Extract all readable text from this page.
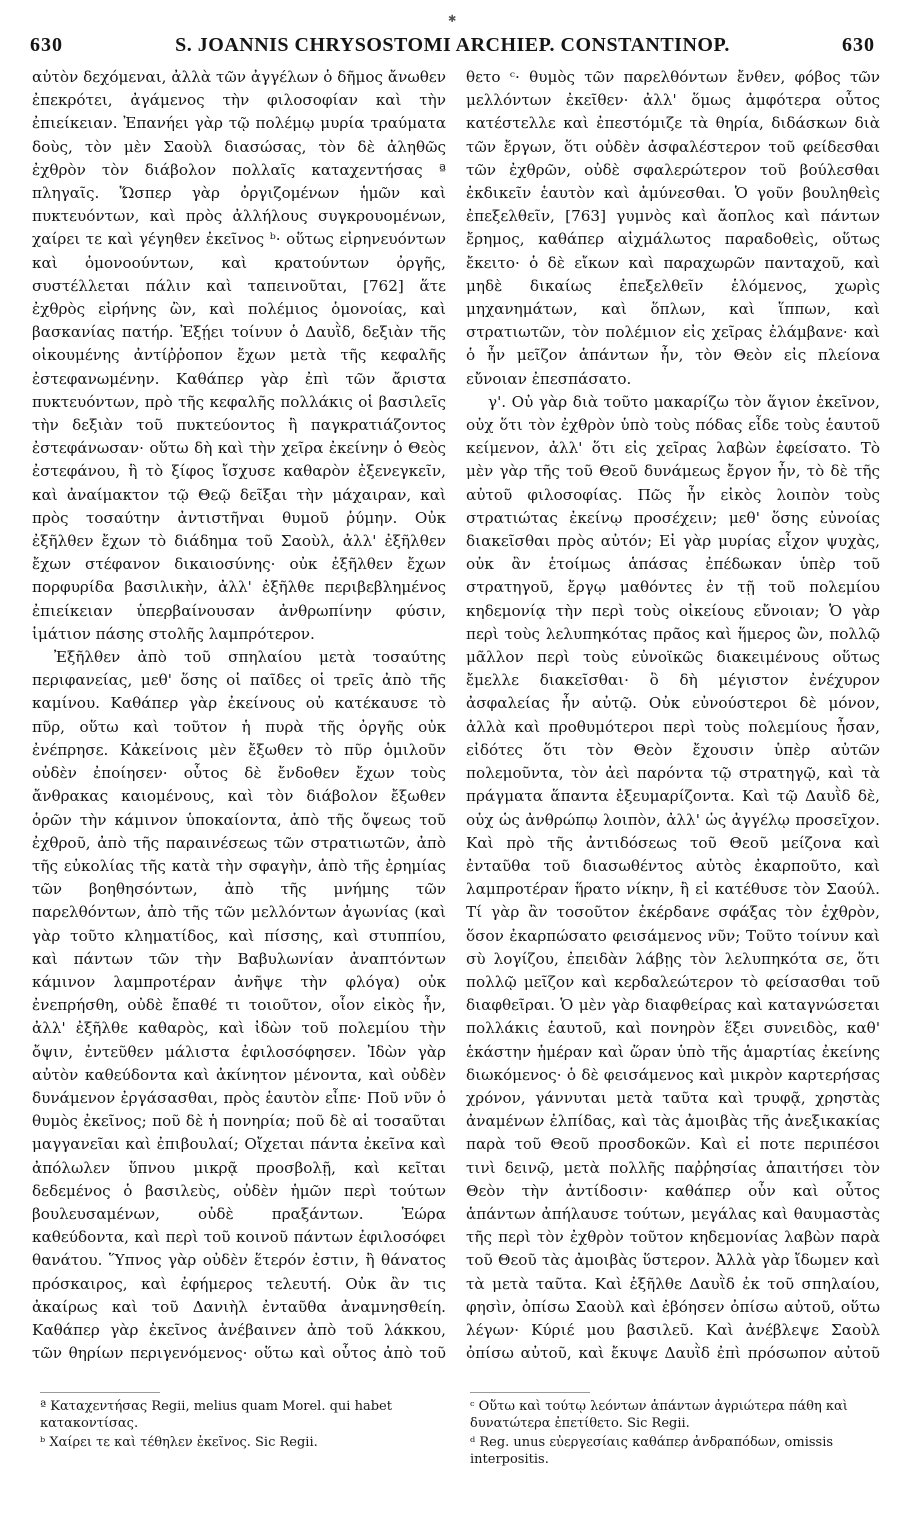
✱
630	S. JOANNIS CHRYSOSTOMI ARCHIEP. CONSTANTINOP.	630

αὐτὸν δεχόμεναι, ἀλλὰ τῶν ἀγγέλων ὁ δῆμος ἄνωθεν ἐπεκρότει, ἀγάμενος τὴν φιλοσοφίαν καὶ τὴν ἐπιείκειαν. Ἐπανήει γὰρ τῷ πολέμῳ μυρία τραύματα δοὺς, τὸν μὲν Σαοὺλ διασώσας, τὸν δὲ ἀληθῶς ἐχθρὸν τὸν διάβολον πολλαῖς καταχεντήσας ª πληγαῖς. Ὥσπερ γὰρ ὀργιζομένων ἡμῶν καὶ πυκτευόντων, καὶ πρὸς ἀλλήλους συγκρουομένων, χαίρει τε καὶ γέγηθεν ἐκεῖνος ᵇ· οὕτως εἰρηνευόντων καὶ ὁμονοούντων, καὶ κρατούντων ὀργῆς, συστέλλεται πάλιν καὶ ταπεινοῦται, [762] ἅτε ἐχθρὸς εἰρήνης ὢν, καὶ πολέμιος ὁμονοίας, καὶ βασκανίας πατήρ. Ἐξῄει τοίνυν ὁ Δαυῒδ, δεξιὰν τῆς οἰκουμένης ἀντίῤῥοπον ἔχων μετὰ τῆς κεφαλῆς ἐστεφανωμένην. Καθάπερ γὰρ ἐπὶ τῶν ἄριστα πυκτευόντων, πρὸ τῆς κεφαλῆς πολλάκις οἱ βασιλεῖς τὴν δεξιὰν τοῦ πυκτεύοντος ἢ παγκρατιάζοντος ἐστεφάνωσαν· οὕτω δὴ καὶ τὴν χεῖρα ἐκείνην ὁ Θεὸς ἐστεφάνου, ἣ τὸ ξίφος ἴσχυσε καθαρὸν ἐξενεγκεῖν, καὶ ἀναίμακτον τῷ Θεῷ δεῖξαι τὴν μάχαιραν, καὶ πρὸς τοσαύτην ἀντιστῆναι θυμοῦ ῥύμην. Οὐκ ἐξῆλθεν ἔχων τὸ διάδημα τοῦ Σαοὺλ, ἀλλ' ἐξῆλθεν ἔχων στέφανον δικαιοσύνης· οὐκ ἐξῆλθεν ἔχων πορφυρίδα βασιλικὴν, ἀλλ' ἐξῆλθε περιβεβλημένος ἐπιείκειαν ὑπερβαίνουσαν ἀνθρωπίνην φύσιν, ἱμάτιον πάσης στολῆς λαμπρότερον.

Ἐξῆλθεν ἀπὸ τοῦ σπηλαίου μετὰ τοσαύτης περιφανείας, μεθ' ὅσης οἱ παῖδες οἱ τρεῖς ἀπὸ τῆς καμίνου. Καθάπερ γὰρ ἐκείνους οὐ κατέκαυσε τὸ πῦρ, οὕτω καὶ τοῦτον ἡ πυρὰ τῆς ὀργῆς οὐκ ἐνέπρησε. Κἀκείνοις μὲν ἔξωθεν τὸ πῦρ ὁμιλοῦν οὐδὲν ἐποίησεν· οὗτος δὲ ἔνδοθεν ἔχων τοὺς ἄνθρακας καιομένους, καὶ τὸν διάβολον ἔξωθεν ὁρῶν τὴν κάμινον ὑποκαίοντα, ἀπὸ τῆς ὄψεως τοῦ ἐχθροῦ, ἀπὸ τῆς παραινέσεως τῶν στρατιωτῶν, ἀπὸ τῆς εὐκολίας τῆς κατὰ τὴν σφαγὴν, ἀπὸ τῆς ἐρημίας τῶν βοηθησόντων, ἀπὸ τῆς μνήμης τῶν παρελθόντων, ἀπὸ τῆς τῶν μελλόντων ἀγωνίας (καὶ γὰρ τοῦτο κληματίδος, καὶ πίσσης, καὶ στυππίου, καὶ πάντων τῶν τὴν Βαβυλωνίαν ἀναπτόντων κάμινον λαμπροτέραν ἀνῆψε τὴν φλόγα) οὐκ ἐνεπρήσθη, οὐδὲ ἔπαθέ τι τοιοῦτον, οἷον εἰκὸς ἦν, ἀλλ' ἐξῆλθε καθαρὸς, καὶ ἰδὼν τοῦ πολεμίου τὴν ὄψιν, ἐντεῦθεν μάλιστα ἐφιλοσόφησεν. Ἰδὼν γὰρ αὐτὸν καθεύδοντα καὶ ἀκίνητον μένοντα, καὶ οὐδὲν δυνάμενον ἐργάσασθαι, πρὸς ἑαυτὸν εἶπε· Ποῦ νῦν ὁ θυμὸς ἐκεῖνος; ποῦ δὲ ἡ πονηρία; ποῦ δὲ αἱ τοσαῦται μαγγανεῖαι καὶ ἐπιβουλαί; Οἴχεται πάντα ἐκεῖνα καὶ ἀπόλωλεν ὕπνου μικρᾷ προσβολῇ, καὶ κεῖται δεδεμένος ὁ βασιλεὺς, οὐδὲν ἡμῶν περὶ τούτων βουλευσαμένων, οὐδὲ πραξάντων. Ἑώρα καθεύδοντα, καὶ περὶ τοῦ κοινοῦ πάντων ἐφιλοσόφει θανάτου. Ὕπνος γὰρ οὐδὲν ἕτερόν ἐστιν, ἢ θάνατος πρόσκαιρος, καὶ ἐφήμερος τελευτή. Οὐκ ἂν τις ἀκαίρως καὶ τοῦ Δανιὴλ ἐνταῦθα ἀναμνησθείη. Καθάπερ γὰρ ἐκεῖνος ἀνέβαινεν ἀπὸ τοῦ λάκκου, τῶν θηρίων περιγενόμενος· οὕτω καὶ οὗτος ἀπὸ τοῦ

θετο ᶜ· θυμὸς τῶν παρελθόντων ἔνθεν, φόβος τῶν μελλόντων ἐκεῖθεν· ἀλλ' ὅμως ἀμφότερα οὗτος κατέστελλε καὶ ἐπεστόμιζε τὰ θηρία, διδάσκων διὰ τῶν ἔργων, ὅτι οὐδὲν ἀσφαλέστερον τοῦ φείδεσθαι τῶν ἐχθρῶν, οὐδὲ σφαλερώτερον τοῦ βούλεσθαι ἐκδικεῖν ἑαυτὸν καὶ ἀμύνεσθαι. Ὁ γοῦν βουληθεὶς ἐπεξελθεῖν, [763] γυμνὸς καὶ ἄοπλος καὶ πάντων ἔρημος, καθάπερ αἰχμάλωτος παραδοθεὶς, οὕτως ἔκειτο· ὁ δὲ εἴκων καὶ παραχωρῶν πανταχοῦ, καὶ μηδὲ δικαίως ἐπεξελθεῖν ἑλόμενος, χωρὶς μηχανημάτων, καὶ ὅπλων, καὶ ἵππων, καὶ στρατιωτῶν, τὸν πολέμιον εἰς χεῖρας ἐλάμβανε· καὶ ὁ ἦν μεῖζον ἁπάντων ἦν, τὸν Θεὸν εἰς πλείονα εὔνοιαν ἐπεσπάσατο.

γ'. Οὐ γὰρ διὰ τοῦτο μακαρίζω τὸν ἅγιον ἐκεῖνον, οὐχ ὅτι τὸν ἐχθρὸν ὑπὸ τοὺς πόδας εἶδε τοὺς ἑαυτοῦ κείμενον, ἀλλ' ὅτι εἰς χεῖρας λαβὼν ἐφείσατο. Τὸ μὲν γὰρ τῆς τοῦ Θεοῦ δυνάμεως ἔργον ἦν, τὸ δὲ τῆς αὐτοῦ φιλοσοφίας. Πῶς ἦν εἰκὸς λοιπὸν τοὺς στρατιώτας ἐκείνῳ προσέχειν; μεθ' ὅσης εὐνοίας διακεῖσθαι πρὸς αὐτόν; Εἰ γὰρ μυρίας εἶχον ψυχὰς, οὐκ ἂν ἑτοίμως ἁπάσας ἐπέδωκαν ὑπὲρ τοῦ στρατηγοῦ, ἔργῳ μαθόντες ἐν τῇ τοῦ πολεμίου κηδεμονίᾳ τὴν περὶ τοὺς οἰκείους εὔνοιαν; Ὁ γὰρ περὶ τοὺς λελυπηκότας πρᾶος καὶ ἥμερος ὢν, πολλῷ μᾶλλον περὶ τοὺς εὐνοϊκῶς διακειμένους οὕτως ἔμελλε διακεῖσθαι· ὃ δὴ μέγιστον ἐνέχυρον ἀσφαλείας ἦν αὐτῷ. Οὐκ εὐνούστεροι δὲ μόνον, ἀλλὰ καὶ προθυμότεροι περὶ τοὺς πολεμίους ἦσαν, εἰδότες ὅτι τὸν Θεὸν ἔχουσιν ὑπὲρ αὐτῶν πολεμοῦντα, τὸν ἀεὶ παρόντα τῷ στρατηγῷ, καὶ τὰ πράγματα ἅπαντα ἐξευμαρίζοντα. Καὶ τῷ Δαυῒδ δὲ, οὐχ ὡς ἀνθρώπῳ λοιπὸν, ἀλλ' ὡς ἀγγέλῳ προσεῖχον. Καὶ πρὸ τῆς ἀντιδόσεως τοῦ Θεοῦ μείζονα καὶ ἐνταῦθα τοῦ διασωθέντος αὐτὸς ἐκαρποῦτο, καὶ λαμπροτέραν ἥρατο νίκην, ἢ εἰ κατέθυσε τὸν Σαούλ. Τί γὰρ ἂν τοσοῦτον ἐκέρδανε σφάξας τὸν ἐχθρὸν, ὅσον ἐκαρπώσατο φεισάμενος νῦν; Τοῦτο τοίνυν καὶ σὺ λογίζου, ἐπειδὰν λάβῃς τὸν λελυπηκότα σε, ὅτι πολλῷ μεῖζον καὶ κερδαλεώτερον τὸ φείσασθαι τοῦ διαφθεῖραι. Ὁ μὲν γὰρ διαφθείρας καὶ καταγνώσεται πολλάκις ἑαυτοῦ, καὶ πονηρὸν ἕξει συνειδὸς, καθ' ἑκάστην ἡμέραν καὶ ὥραν ὑπὸ τῆς ἁμαρτίας ἐκείνης διωκόμενος· ὁ δὲ φεισάμενος καὶ μικρὸν καρτερήσας χρόνον, γάννυται μετὰ ταῦτα καὶ τρυφᾷ, χρηστὰς ἀναμένων ἐλπίδας, καὶ τὰς ἀμοιβὰς τῆς ἀνεξικακίας παρὰ τοῦ Θεοῦ προσδοκῶν. Καὶ εἰ ποτε περιπέσοι τινὶ δεινῷ, μετὰ πολλῆς παῤῥησίας ἀπαιτήσει τὸν Θεὸν τὴν ἀντίδοσιν· καθάπερ οὖν καὶ οὗτος ἁπάντων ἀπήλαυσε τούτων, μεγάλας καὶ θαυμαστὰς τῆς περὶ τὸν ἐχθρὸν τοῦτον κηδεμονίας λαβὼν παρὰ τοῦ Θεοῦ τὰς ἀμοιβὰς ὕστερον. Ἀλλὰ γὰρ ἴδωμεν καὶ τὰ μετὰ ταῦτα. Καὶ ἐξῆλθε Δαυῒδ ἐκ τοῦ σπηλαίου, φησὶν, ὀπίσω Σαοὺλ καὶ ἐβόησεν ὀπίσω αὐτοῦ, οὕτω λέγων· Κύριέ μου βασιλεῦ. Καὶ ἀνέβλεψε Σαοὺλ ὀπίσω αὐτοῦ, καὶ ἔκυψε Δαυῒδ ἐπὶ πρόσωπον αὐτοῦ

ª Καταχεντήσας Regii, melius quam Morel. qui habet κατακοντίσας.

ᵇ Χαίρει τε καὶ τέθηλεν ἐκεῖνος. Sic Regii.

ᶜ Οὕτω καὶ τούτῳ λεόντων ἁπάντων ἀγριώτερα πάθη καὶ δυνατώτερα ἐπετίθετο. Sic Regii.

ᵈ Reg. unus εὐεργεσίαις καθάπερ ἀνδραπόδων, omissis interpositis.
